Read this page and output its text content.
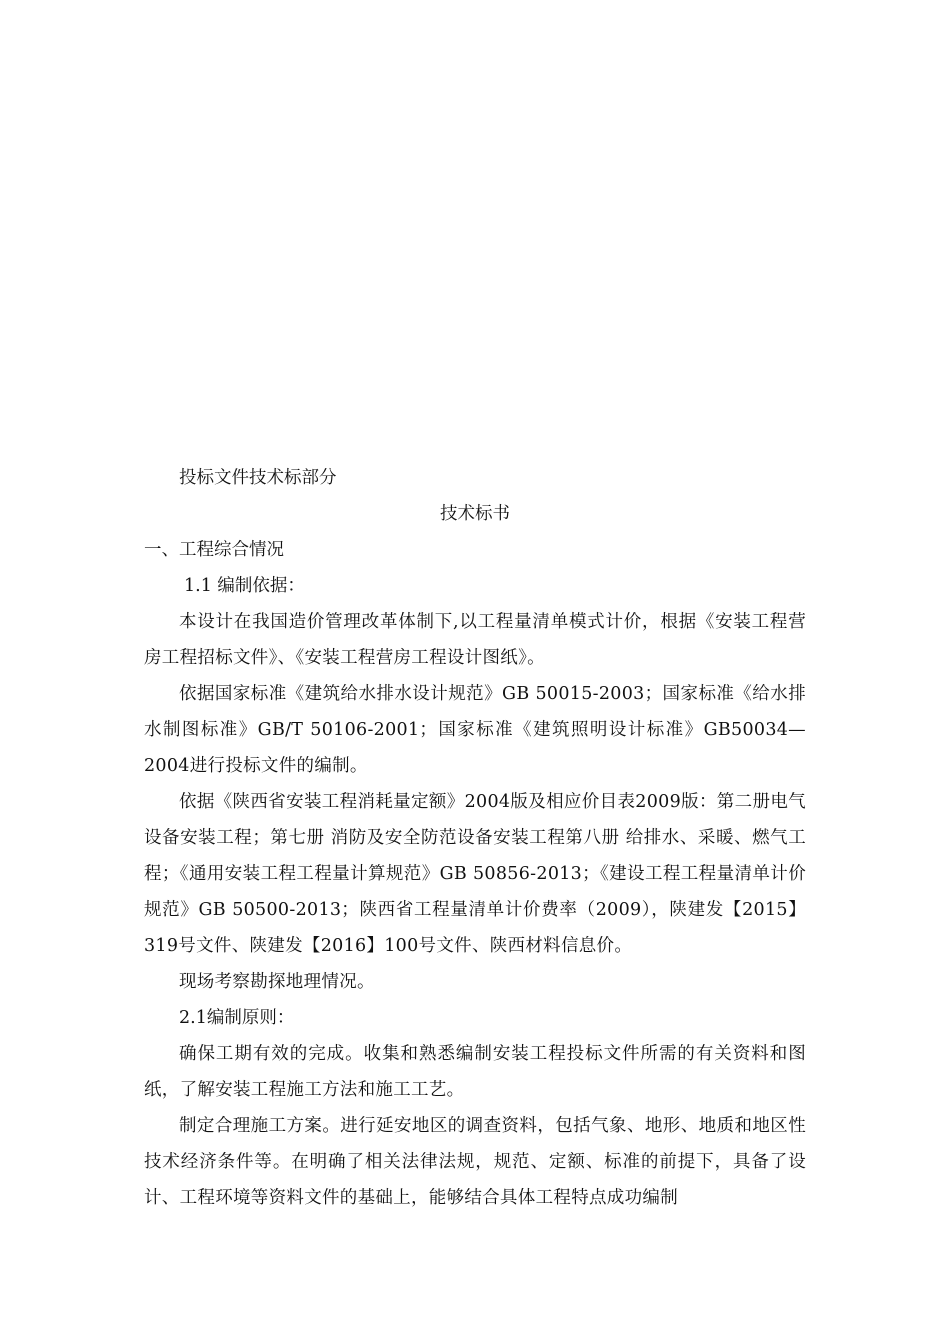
投标文件技术标部分

技术标书

一、工程综合情况

1.1 编制依据：

本设计在我国造价管理改革体制下,以工程量清单模式计价，根据《安装工程营房工程招标文件》、《安装工程营房工程设计图纸》。

依据国家标准《建筑给水排水设计规范》GB 50015-2003；国家标准《给水排水制图标准》GB/T 50106-2001；国家标准《建筑照明设计标准》GB50034—2004进行投标文件的编制。

依据《陕西省安装工程消耗量定额》2004版及相应价目表2009版：第二册电气设备安装工程；第七册 消防及安全防范设备安装工程第八册 给排水、采暖、燃气工程；《通用安装工程工程量计算规范》GB 50856-2013；《建设工程工程量清单计价规范》GB 50500-2013；陕西省工程量清单计价费率（2009），陕建发【2015】319号文件、陕建发【2016】100号文件、陕西材料信息价。

现场考察勘探地理情况。

2.1编制原则：

确保工期有效的完成。收集和熟悉编制安装工程投标文件所需的有关资料和图纸，了解安装工程施工方法和施工工艺。

制定合理施工方案。进行延安地区的调查资料，包括气象、地形、地质和地区性技术经济条件等。在明确了相关法律法规，规范、定额、标准的前提下，具备了设计、工程环境等资料文件的基础上，能够结合具体工程特点成功编制
